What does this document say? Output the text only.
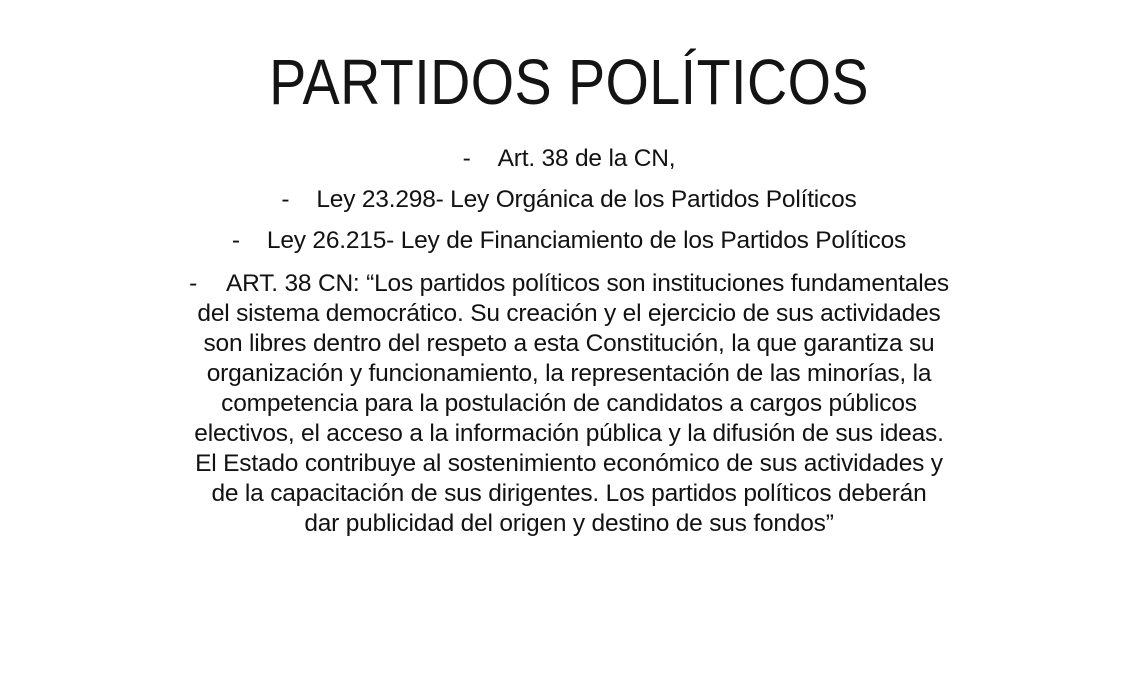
PARTIDOS POLÍTICOS
- Art. 38 de la CN,
- Ley 23.298- Ley Orgánica de los Partidos Políticos
- Ley 26.215- Ley de Financiamiento de los Partidos Políticos
- ART. 38 CN: “Los partidos políticos son instituciones fundamentales
del sistema democrático. Su creación y el ejercicio de sus actividades
son libres dentro del respeto a esta Constitución, la que garantiza su
organización y funcionamiento, la representación de las minorías, la
competencia para la postulación de candidatos a cargos públicos
electivos, el acceso a la información pública y la difusión de sus ideas.
El Estado contribuye al sostenimiento económico de sus actividades y
de la capacitación de sus dirigentes. Los partidos políticos deberán
dar publicidad del origen y destino de sus fondos”
